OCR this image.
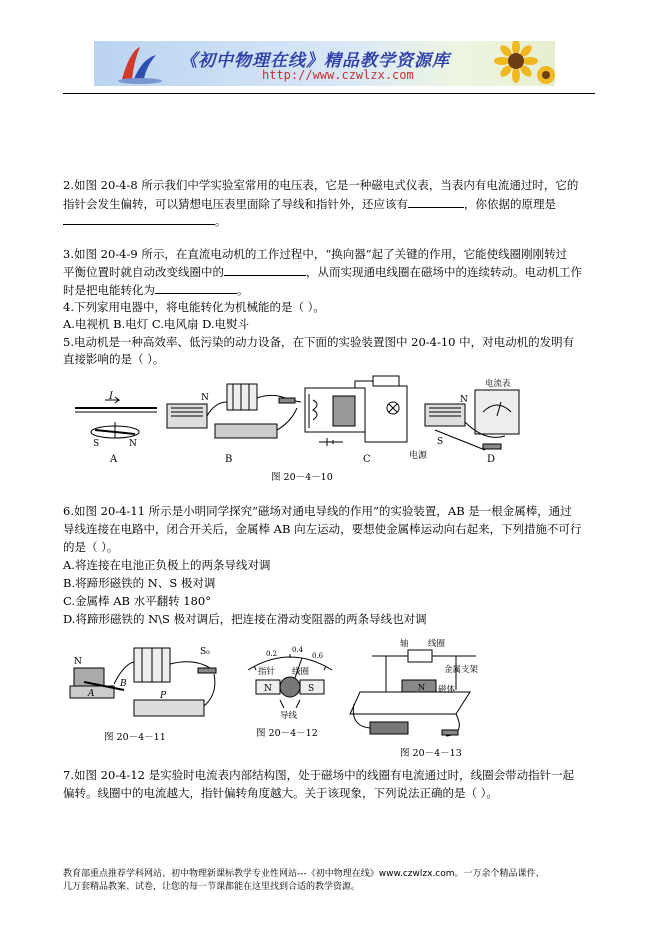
《初中物理在线》精品教学资源库
http://www.czwlzx.com
2.如图 20-4-8 所示我们中学实验室常用的电压表，它是一种磁电式仪表，当表内有电流通过时，它的
指针会发生偏转，可以猜想电压表里面除了导线和指针外，还应该有	，你依据的原理是
。
3.如图 20-4-9 所示，在直流电动机的工作过程中，“换向器”起了关键的作用，它能使线圈刚刚转过
平衡位置时就自动改变线圈中的	，从而实现通电线圈在磁场中的连续转动。电动机工作
时是把电能转化为	。
4.下列家用电器中，将电能转化为机械能的是（ ）。
A.电视机 B.电灯 C.电风扇 D.电熨斗
5.电动机是一种高效率、低污染的动力设备，在下面的实验装置图中 20-4-10 中，对电动机的发明有
直接影响的是（ ）。
I
S	N
N
电流表
N
S
电源
A	B	C	D
图 20－4－10
6.如图 20-4-11 所示是小明同学探究“磁场对通电导线的作用”的实验装置，AB 是一根金属棒，通过
导线连接在电路中，闭合开关后，金属棒 AB 向左运动，要想使金属棒运动向右起来，下列措施不可行
的是（ ）。
A.将连接在电池正负极上的两条导线对调
B.将蹄形磁铁的 N、S 极对调
C.金属棒 AB 水平翻转 180°
D.将蹄形磁铁的 N\S 极对调后，把连接在滑动变阻器的两条导线也对调
N
B
A	P
S₀
图 20－4－11
0.2 0.4
0.6
指针 线圈
N	S
导线
图 20－4－12
轴 线圈
金属支架
磁体
N
图 20－4－13
7.如图 20-4-12 是实验时电流表内部结构图，处于磁场中的线圈有电流通过时，线圈会带动指针一起
偏转。线圈中的电流越大，指针偏转角度越大。关于该现象，下列说法正确的是（ ）。
教育部重点推荐学科网站、初中物理新课标教学专业性网站---《初中物理在线》www.czwlzx.com。一万余个精品课件、
几万套精品教案、试卷，让您的每一节课都能在这里找到合适的教学资源。
